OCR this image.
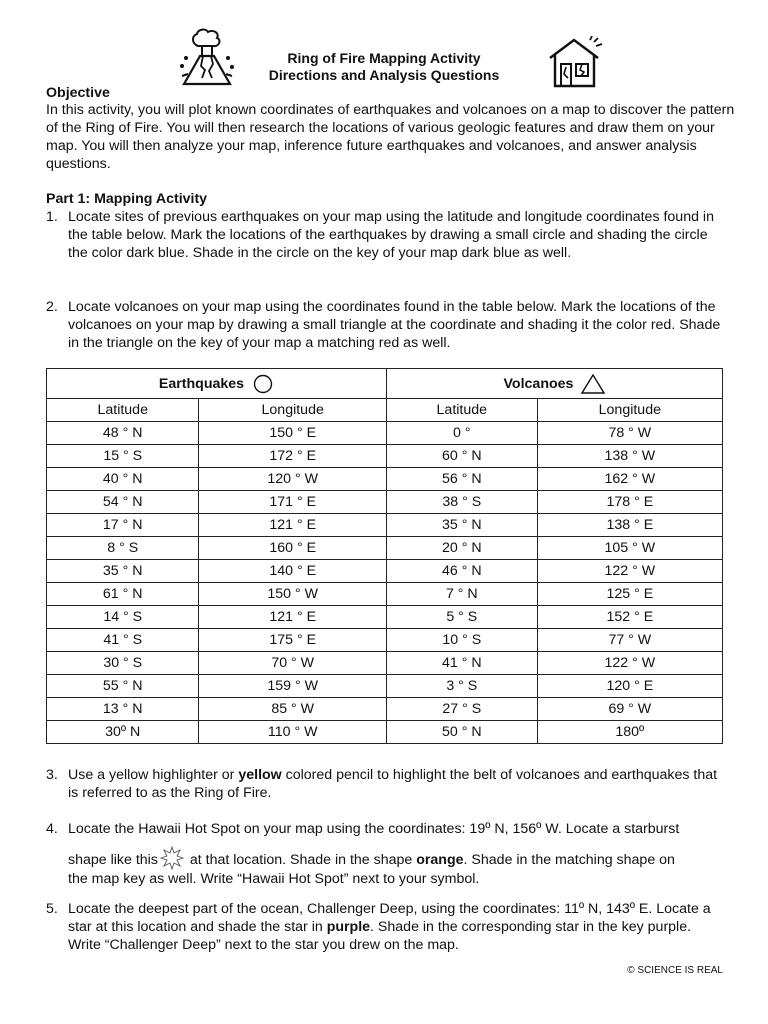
Ring of Fire Mapping Activity
Directions and Analysis Questions
Objective
In this activity, you will plot known coordinates of earthquakes and volcanoes on a map to discover the pattern of the Ring of Fire. You will then research the locations of various geologic features and draw them on your map. You will then analyze your map, inference future earthquakes and volcanoes, and answer analysis questions.
Part 1: Mapping Activity
1. Locate sites of previous earthquakes on your map using the latitude and longitude coordinates found in the table below. Mark the locations of the earthquakes by drawing a small circle and shading the circle the color dark blue. Shade in the circle on the key of your map dark blue as well.
2. Locate volcanoes on your map using the coordinates found in the table below. Mark the locations of the volcanoes on your map by drawing a small triangle at the coordinate and shading it the color red. Shade in the triangle on the key of your map a matching red as well.
Earthquakes		Volcanoes	

Latitude	Longitude	Latitude	Longitude
48 ° N	150 ° E	0 °	78 ° W
15 ° S	172 ° E	60 ° N	138 ° W
40 ° N	120 ° W	56 ° N	162 ° W
54 ° N	171 ° E	38 ° S	178 ° E
17 ° N	121 ° E	35 ° N	138 ° E
8 ° S	160 ° E	20 ° N	105 ° W
35 ° N	140 ° E	46 ° N	122 ° W
61 ° N	150 ° W	7 ° N	125 ° E
14 ° S	121 ° E	5 ° S	152 ° E
41 ° S	175 ° E	10 ° S	77 ° W
30 ° S	70 ° W	41 ° N	122 ° W
55 ° N	159 ° W	3 ° S	120 ° E
13 ° N	85 ° W	27 ° S	69 ° W
30º N	110 ° W	50 ° N	180º
3. Use a yellow highlighter or yellow colored pencil to highlight the belt of volcanoes and earthquakes that is referred to as the Ring of Fire.
4. Locate the Hawaii Hot Spot on your map using the coordinates: 19º N, 156º W. Locate a starburst
shape like this at that location. Shade in the shape orange. Shade in the matching shape on
the map key as well. Write “Hawaii Hot Spot” next to your symbol.
5. Locate the deepest part of the ocean, Challenger Deep, using the coordinates: 11º N, 143º E. Locate a star at this location and shade the star in purple. Shade in the corresponding star in the key purple. Write “Challenger Deep” next to the star you drew on the map.
© SCIENCE IS REAL
